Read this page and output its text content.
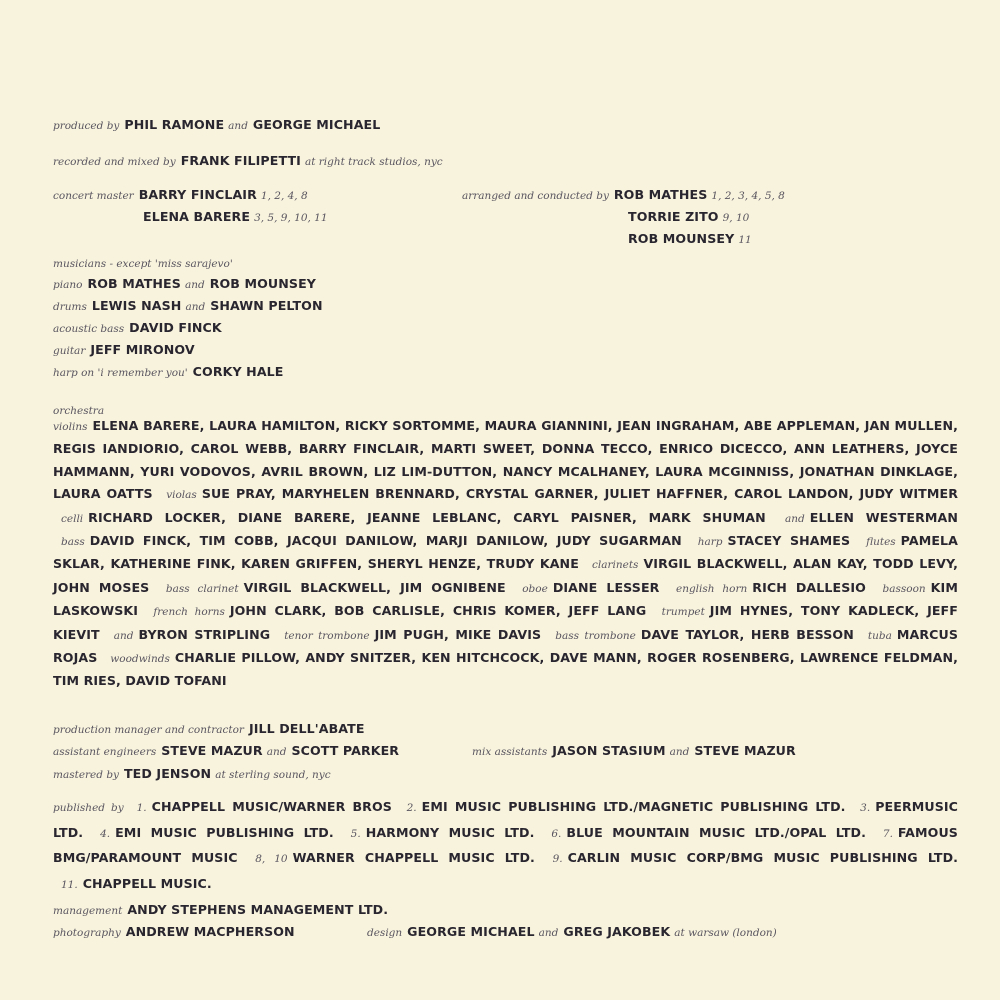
produced by PHIL RAMONE and GEORGE MICHAEL
recorded and mixed by FRANK FILIPETTI at right track studios, nyc
concert master BARRY FINCLAIR 1, 2, 4, 8
ELENA BARERE 3, 5, 9, 10, 11
arranged and conducted by ROB MATHES 1, 2, 3, 4, 5, 8
TORRIE ZITO 9, 10
ROB MOUNSEY 11
musicians - except 'miss sarajevo'
piano ROB MATHES and ROB MOUNSEY
drums LEWIS NASH and SHAWN PELTON
acoustic bass DAVID FINCK
guitar JEFF MIRONOV
harp on 'i remember you' CORKY HALE
orchestra
violins ELENA BARERE, LAURA HAMILTON, RICKY SORTOMME, MAURA GIANNINI, JEAN INGRAHAM, ABE APPLEMAN, JAN MULLEN, REGIS IANDIORIO, CAROL WEBB, BARRY FINCLAIR, MARTI SWEET, DONNA TECCO, ENRICO DICECCO, ANN LEATHERS, JOYCE HAMMANN, YURI VODOVOS, AVRIL BROWN, LIZ LIM-DUTTON, NANCY MCALHANEY, LAURA MCGINNISS, JONATHAN DINKLAGE, LAURA OATTS violas SUE PRAY, MARYHELEN BRENNARD, CRYSTAL GARNER, JULIET HAFFNER, CAROL LANDON, JUDY WITMER celli RICHARD LOCKER, DIANE BARERE, JEANNE LEBLANC, CARYL PAISNER, MARK SHUMAN and ELLEN WESTERMAN bass DAVID FINCK, TIM COBB, JACQUI DANILOW, MARJI DANILOW, JUDY SUGARMAN harp STACEY SHAMES flutes PAMELA SKLAR, KATHERINE FINK, KAREN GRIFFEN, SHERYL HENZE, TRUDY KANE clarinets VIRGIL BLACKWELL, ALAN KAY, TODD LEVY, JOHN MOSES bass clarinet VIRGIL BLACKWELL, JIM OGNIBENE oboe DIANE LESSER english horn RICH DALLESIO bassoon KIM LASKOWSKI french horns JOHN CLARK, BOB CARLISLE, CHRIS KOMER, JEFF LANG trumpet JIM HYNES, TONY KADLECK, JEFF KIEVIT and BYRON STRIPLING tenor trombone JIM PUGH, MIKE DAVIS bass trombone DAVE TAYLOR, HERB BESSON tuba MARCUS ROJAS woodwinds CHARLIE PILLOW, ANDY SNITZER, KEN HITCHCOCK, DAVE MANN, ROGER ROSENBERG, LAWRENCE FELDMAN, TIM RIES, DAVID TOFANI
production manager and contractor JILL DELL'ABATE
assistant engineers STEVE MAZUR and SCOTT PARKER	mix assistants JASON STASIUM and STEVE MAZUR
mastered by TED JENSON at sterling sound, nyc
published by 1. CHAPPELL MUSIC/WARNER BROS 2. EMI MUSIC PUBLISHING LTD./MAGNETIC PUBLISHING LTD. 3. PEERMUSIC LTD. 4. EMI MUSIC PUBLISHING LTD. 5. HARMONY MUSIC LTD. 6. BLUE MOUNTAIN MUSIC LTD./OPAL LTD. 7. FAMOUS BMG/PARAMOUNT MUSIC 8, 10 WARNER CHAPPELL MUSIC LTD. 9. CARLIN MUSIC CORP/BMG MUSIC PUBLISHING LTD. 11. CHAPPELL MUSIC.
management ANDY STEPHENS MANAGEMENT LTD.
photography ANDREW MACPHERSON	design GEORGE MICHAEL and GREG JAKOBEK at warsaw (london)
